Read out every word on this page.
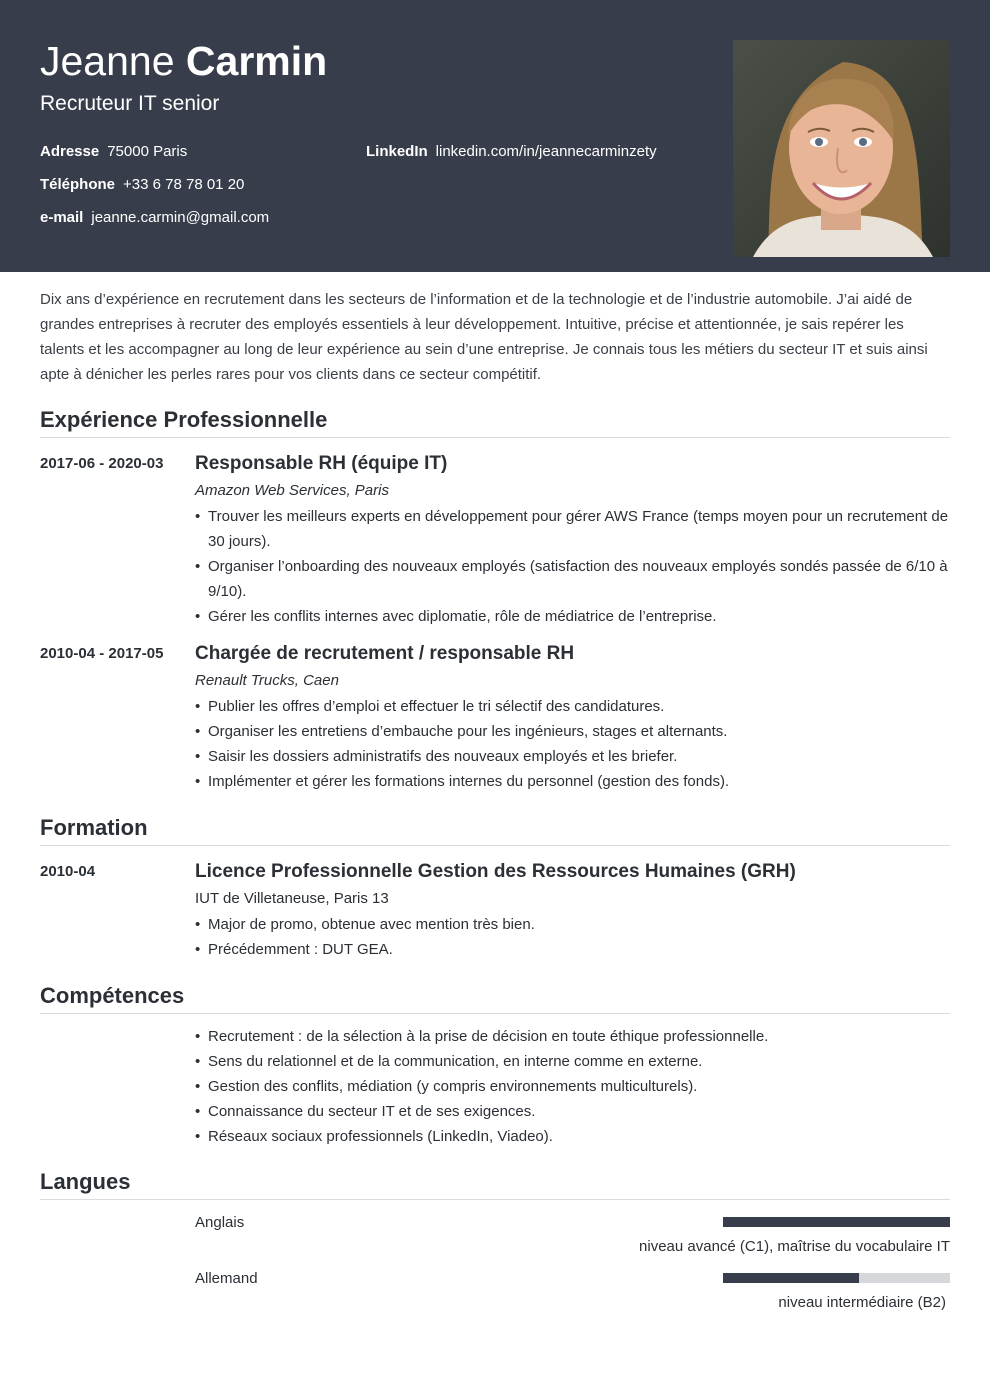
Jeanne Carmin
Recruteur IT senior
Adresse 75000 Paris
Téléphone +33 6 78 78 01 20
e-mail jeanne.carmin@gmail.com
LinkedIn linkedin.com/in/jeannecarminzety
Dix ans d’expérience en recrutement dans les secteurs de l’information et de la technologie et de l’industrie automobile. J’ai aidé de grandes entreprises à recruter des employés essentiels à leur développement. Intuitive, précise et attentionnée, je sais repérer les talents et les accompagner au long de leur expérience au sein d’une entreprise. Je connais tous les métiers du secteur IT et suis ainsi apte à dénicher les perles rares pour vos clients dans ce secteur compétitif.
Expérience Professionnelle
2017-06 - 2020-03 Responsable RH (équipe IT)
Amazon Web Services, Paris
• Trouver les meilleurs experts en développement pour gérer AWS France (temps moyen pour un recrutement de 30 jours).
• Organiser l’onboarding des nouveaux employés (satisfaction des nouveaux employés sondés passée de 6/10 à 9/10).
• Gérer les conflits internes avec diplomatie, rôle de médiatrice de l’entreprise.
2010-04 - 2017-05 Chargée de recrutement / responsable RH
Renault Trucks, Caen
• Publier les offres d’emploi et effectuer le tri sélectif des candidatures.
• Organiser les entretiens d’embauche pour les ingénieurs, stages et alternants.
• Saisir les dossiers administratifs des nouveaux employés et les briefer.
• Implémenter et gérer les formations internes du personnel (gestion des fonds).
Formation
2010-04	Licence Professionnelle Gestion des Ressources Humaines (GRH)
IUT de Villetaneuse, Paris 13
• Major de promo, obtenue avec mention très bien.
• Précédemment : DUT GEA.
Compétences
• Recrutement : de la sélection à la prise de décision en toute éthique professionnelle.
• Sens du relationnel et de la communication, en interne comme en externe.
• Gestion des conflits, médiation (y compris environnements multiculturels).
• Connaissance du secteur IT et de ses exigences.
• Réseaux sociaux professionnels (LinkedIn, Viadeo).
Langues
Anglais
niveau avancé (C1), maîtrise du vocabulaire IT
Allemand
niveau intermédiaire (B2)
